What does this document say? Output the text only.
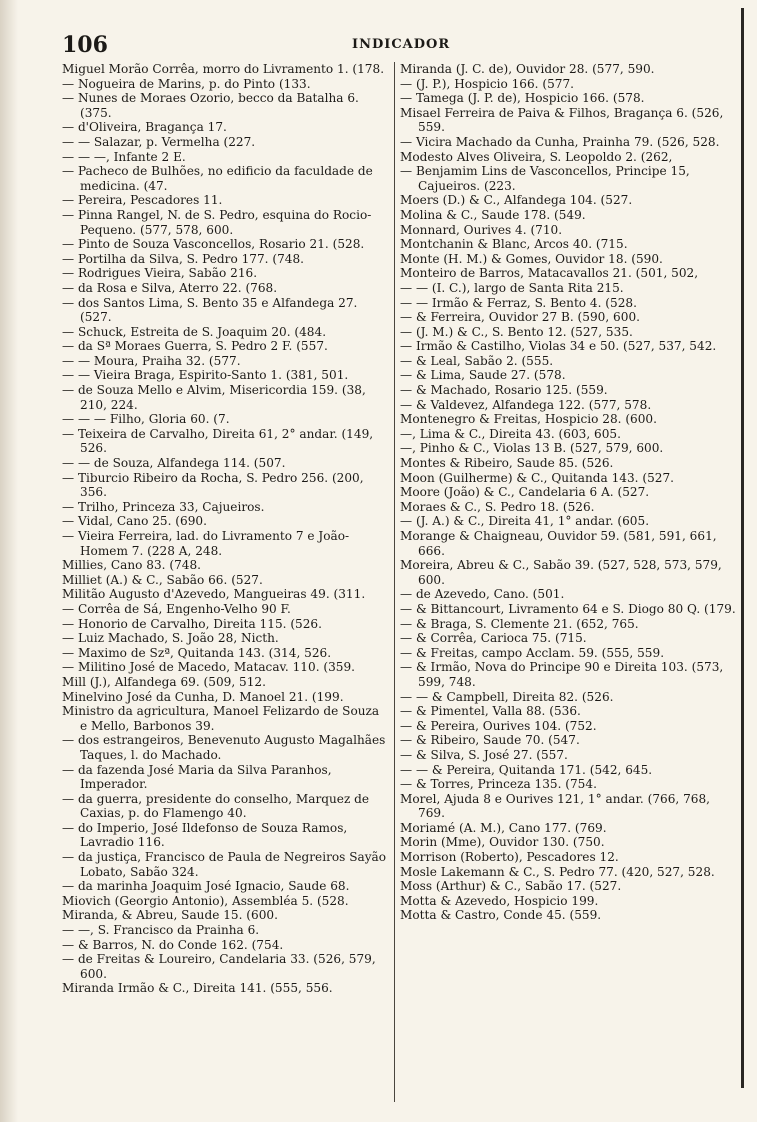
106	INDICADOR

Miguel Morão Corrêa, morro do Livramento 1. (178.

— Nogueira de Marins, p. do Pinto (133.

— Nunes de Moraes Ozorio, becco da Batalha 6. (375.

— d'Oliveira, Bragança 17.

— — Salazar, p. Vermelha (227.

— — —, Infante 2 E.

— Pacheco de Bulhões, no edificio da faculdade de medicina. (47.

— Pereira, Pescadores 11.

— Pinna Rangel, N. de S. Pedro, esquina do Rocio-Pequeno. (577, 578, 600.

— Pinto de Souza Vasconcellos, Rosario 21. (528.

— Portilha da Silva, S. Pedro 177. (748.

— Rodrigues Vieira, Sabão 216.

— da Rosa e Silva, Aterro 22. (768.

— dos Santos Lima, S. Bento 35 e Alfandega 27. (527.

— Schuck, Estreita de S. Joaquim 20. (484.

— da Sª Moraes Guerra, S. Pedro 2 F. (557.

— — Moura, Praiha 32. (577.

— — Vieira Braga, Espirito-Santo 1. (381, 501.

— de Souza Mello e Alvim, Misericordia 159. (38, 210, 224.

— — — Filho, Gloria 60. (7.

— Teixeira de Carvalho, Direita 61, 2° andar. (149, 526.

— — de Souza, Alfandega 114. (507.

— Tiburcio Ribeiro da Rocha, S. Pedro 256. (200, 356.

— Trilho, Princeza 33, Cajueiros.

— Vidal, Cano 25. (690.

— Vieira Ferreira, lad. do Livramento 7 e João-Homem 7. (228 A, 248.

Millies, Cano 83. (748.

Milliet (A.) & C., Sabão 66. (527.

Militão Augusto d'Azevedo, Mangueiras 49. (311.

— Corrêa de Sá, Engenho-Velho 90 F.

— Honorio de Carvalho, Direita 115. (526.

— Luiz Machado, S. João 28, Nicth.

— Maximo de Szª, Quitanda 143. (314, 526.

— Militino José de Macedo, Matacav. 110. (359.

Mill (J.), Alfandega 69. (509, 512.

Minelvino José da Cunha, D. Manoel 21. (199.

Ministro da agricultura, Manoel Felizardo de Souza e Mello, Barbonos 39.

— dos estrangeiros, Benevenuto Augusto Magalhães Taques, l. do Machado.

— da fazenda José Maria da Silva Paranhos, Imperador.

— da guerra, presidente do conselho, Marquez de Caxias, p. do Flamengo 40.

— do Imperio, José Ildefonso de Souza Ramos, Lavradio 116.

— da justiça, Francisco de Paula de Negreiros Sayão Lobato, Sabão 324.

— da marinha Joaquim José Ignacio, Saude 68.

Miovich (Georgio Antonio), Assembléa 5. (528.

Miranda, & Abreu, Saude 15. (600.

— —, S. Francisco da Prainha 6.

— & Barros, N. do Conde 162. (754.

— de Freitas & Loureiro, Candelaria 33. (526, 579, 600.

Miranda Irmão & C., Direita 141. (555, 556.

Miranda (J. C. de), Ouvidor 28. (577, 590.

— (J. P.), Hospicio 166. (577.

— Tamega (J. P. de), Hospicio 166. (578.

Misael Ferreira de Paiva & Filhos, Bragança 6. (526, 559.

— Vicira Machado da Cunha, Prainha 79. (526, 528.

Modesto Alves Oliveira, S. Leopoldo 2. (262,

— Benjamim Lins de Vasconcellos, Principe 15, Cajueiros. (223.

Moers (D.) & C., Alfandega 104. (527.

Molina & C., Saude 178. (549.

Monnard, Ourives 4. (710.

Montchanin & Blanc, Arcos 40. (715.

Monte (H. M.) & Gomes, Ouvidor 18. (590.

Monteiro de Barros, Matacavallos 21. (501, 502,

— — (I. C.), largo de Santa Rita 215.

— — Irmão & Ferraz, S. Bento 4. (528.

— & Ferreira, Ouvidor 27 B. (590, 600.

— (J. M.) & C., S. Bento 12. (527, 535.

— Irmão & Castilho, Violas 34 e 50. (527, 537, 542.

— & Leal, Sabão 2. (555.

— & Lima, Saude 27. (578.

— & Machado, Rosario 125. (559.

— & Valdevez, Alfandega 122. (577, 578.

Montenegro & Freitas, Hospicio 28. (600.

—, Lima & C., Direita 43. (603, 605.

—, Pinho & C., Violas 13 B. (527, 579, 600.

Montes & Ribeiro, Saude 85. (526.

Moon (Guilherme) & C., Quitanda 143. (527.

Moore (João) & C., Candelaria 6 A. (527.

Moraes & C., S. Pedro 18. (526.

— (J. A.) & C., Direita 41, 1° andar. (605.

Morange & Chaigneau, Ouvidor 59. (581, 591, 661, 666.

Moreira, Abreu & C., Sabão 39. (527, 528, 573, 579, 600.

— de Azevedo, Cano. (501.

— & Bittancourt, Livramento 64 e S. Diogo 80 Q. (179.

— & Braga, S. Clemente 21. (652, 765.

— & Corrêa, Carioca 75. (715.

— & Freitas, campo Acclam. 59. (555, 559.

— & Irmão, Nova do Principe 90 e Direita 103. (573, 599, 748.

— — & Campbell, Direita 82. (526.

— & Pimentel, Valla 88. (536.

— & Pereira, Ourives 104. (752.

— & Ribeiro, Saude 70. (547.

— & Silva, S. José 27. (557.

— — & Pereira, Quitanda 171. (542, 645.

— & Torres, Princeza 135. (754.

Morel, Ajuda 8 e Ourives 121, 1° andar. (766, 768, 769.

Moriamé (A. M.), Cano 177. (769.

Morin (Mme), Ouvidor 130. (750.

Morrison (Roberto), Pescadores 12.

Mosle Lakemann & C., S. Pedro 77. (420, 527, 528.

Moss (Arthur) & C., Sabão 17. (527.

Motta & Azevedo, Hospicio 199.

Motta & Castro, Conde 45. (559.
